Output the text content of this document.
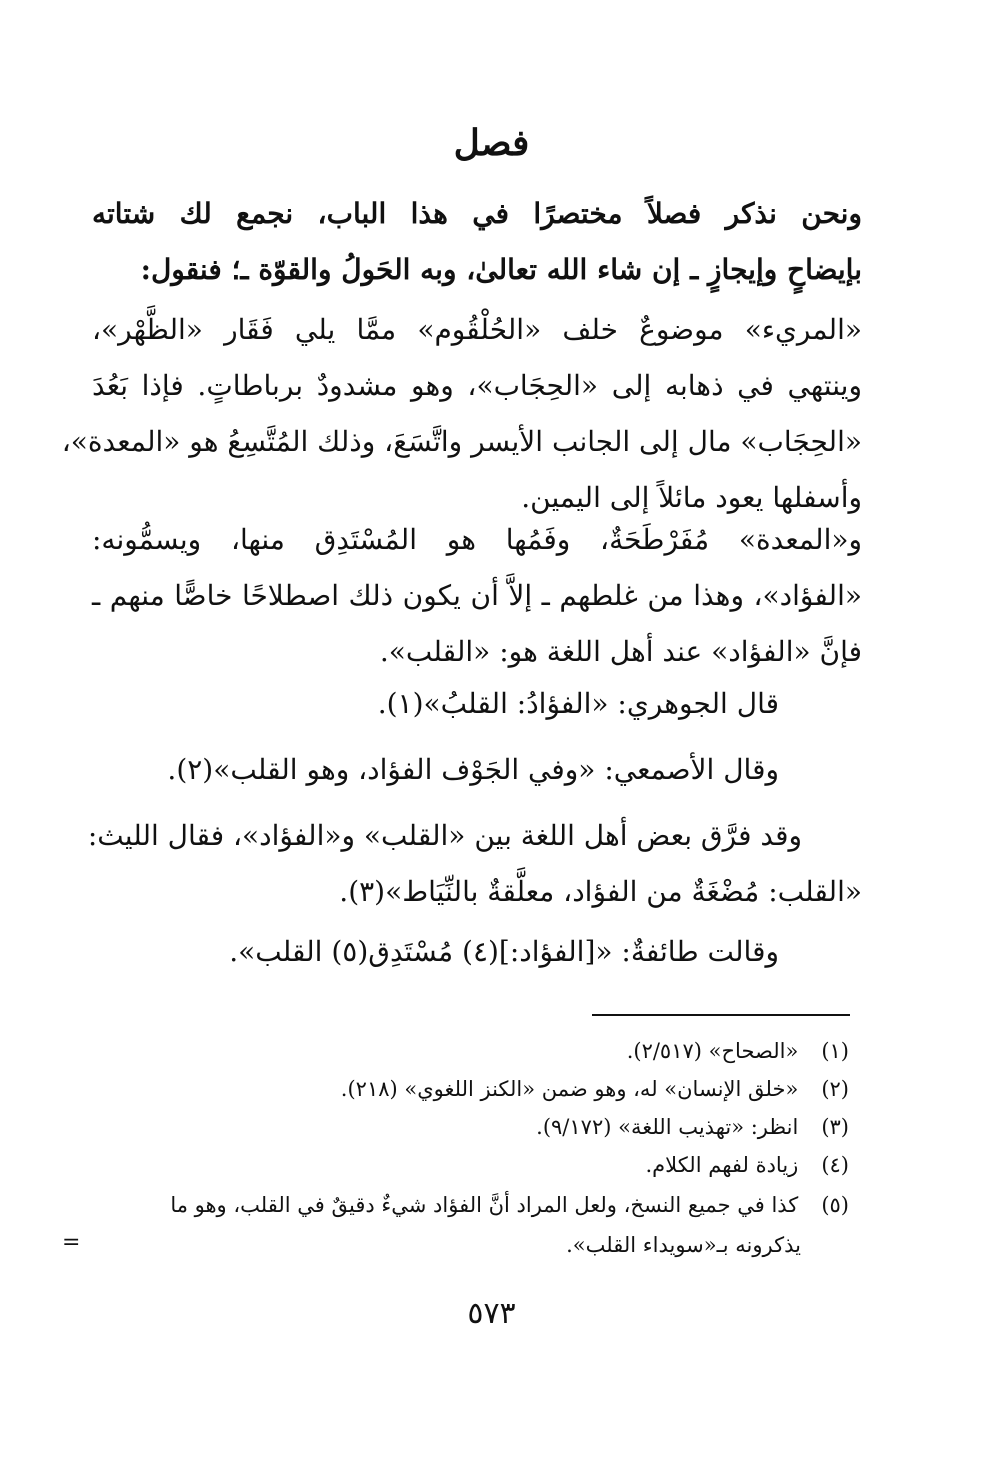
فصل
ونحن نذكر فصلاً مختصرًا في هذا الباب، نجمع لك شتاته
بإيضاحٍ وإيجازٍ ـ إن شاء الله تعالىٰ، وبه الحَولُ والقوّة ـ؛ فنقول:
«المريء» موضوعٌ خلف «الحُلْقُوم» ممَّا يلي فَقَار «الظَّهْر»،
وينتهي في ذهابه إلى «الحِجَاب»، وهو مشدودٌ برباطاتٍ. فإذا بَعُدَ
«الحِجَاب» مال إلى الجانب الأيسر واتَّسَعَ، وذلك المُتَّسِعُ هو «المعدة»،
وأسفلها يعود مائلاً إلى اليمين.
و«المعدة» مُفَرْطَحَةٌ، وفَمُها هو المُسْتَدِق منها، ويسمُّونه:
«الفؤاد»، وهذا من غلطهم ـ إلاَّ أن يكون ذلك اصطلاحًا خاصًّا منهم ـ
فإنَّ «الفؤاد» عند أهل اللغة هو: «القلب».
قال الجوهري: «الفؤادُ: القلبُ»(١).
وقال الأصمعي: «وفي الجَوْف الفؤاد، وهو القلب»(٢).
وقد فرَّق بعض أهل اللغة بين «القلب» و«الفؤاد»، فقال الليث:
«القلب: مُضْغَةٌ من الفؤاد، معلَّقةٌ بالنِّيَاط»(٣).
وقالت طائفةٌ: «[الفؤاد:](٤) مُسْتَدِق(٥) القلب».
(١) «الصحاح» (٢/٥١٧).
(٢) «خلق الإنسان» له، وهو ضمن «الكنز اللغوي» (٢١٨).
(٣) انظر: «تهذيب اللغة» (٩/١٧٢).
(٤) زيادة لفهم الكلام.
(٥) كذا في جميع النسخ، ولعل المراد أنَّ الفؤاد شيءٌ دقيقٌ في القلب، وهو ما
يذكرونه بـ«سويداء القلب».
=
٥٧٣
